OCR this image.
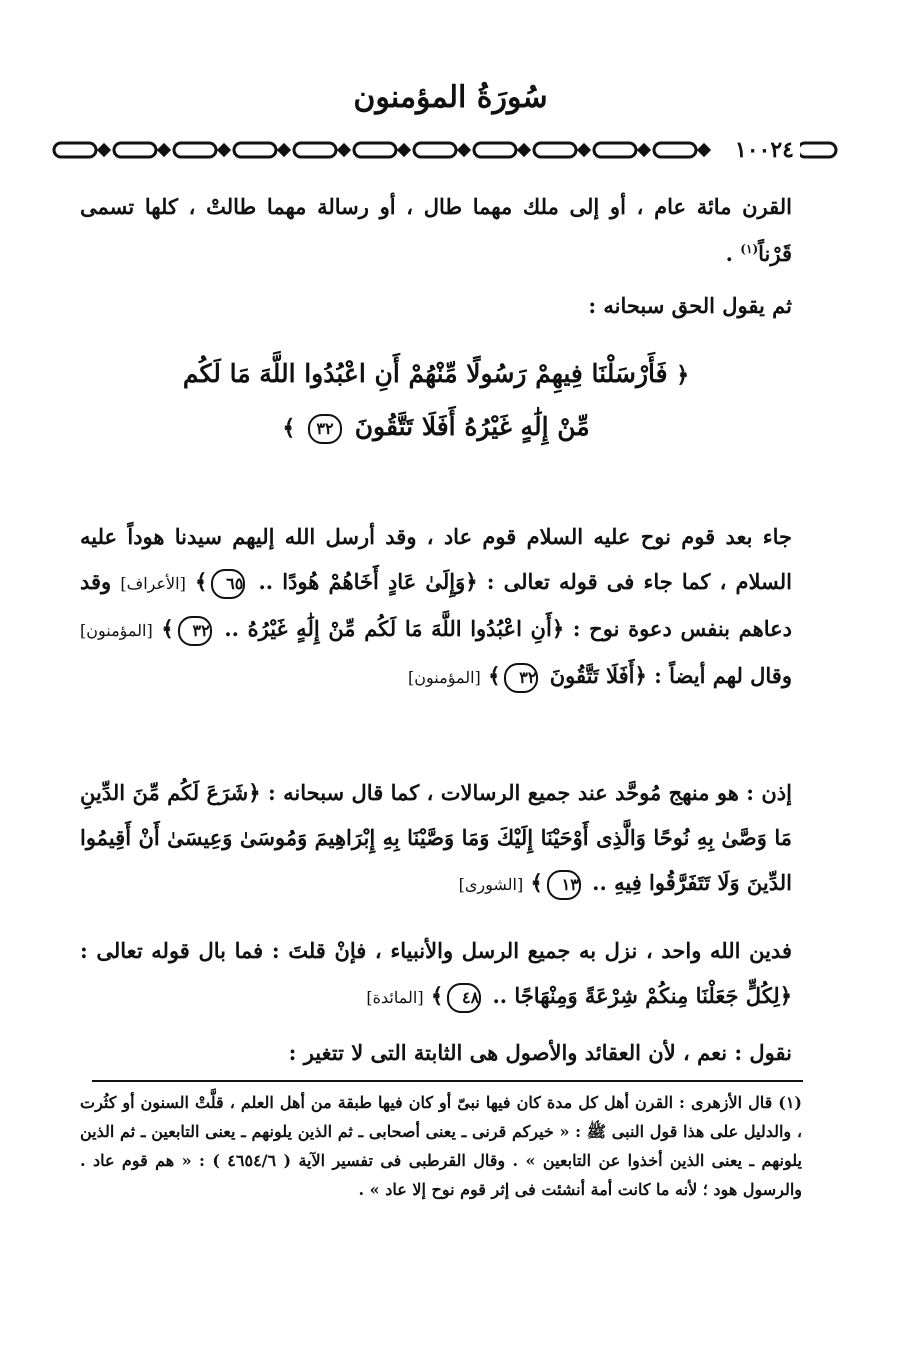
سُورَةُ المؤمنون
١٠٠٢٤
القرن مائة عام ، أو إلى ملك مهما طال ، أو رسالة مهما طالتْ ، كلها تسمى قَرْناً$^{(١)}$ .
ثم يقول الحق سبحانه :
﴿ فَأَرْسَلْنَا فِيهِمْ رَسُولًا مِّنْهُمْ أَنِ اعْبُدُوا اللَّهَ مَا لَكُم
مِّنْ إِلَٰهٍ غَيْرُهُ أَفَلَا تَتَّقُونَ ٣٢ ﴾
جاء بعد قوم نوح عليه السلام قوم عاد ، وقد أرسل الله إليهم سيدنا هوداً عليه السلام ، كما جاء فى قوله تعالى : ﴿وَإِلَىٰ عَادٍ أَخَاهُمْ هُودًا .. ٦٥﴾ [الأعراف] وقد دعاهم بنفس دعوة نوح : ﴿أَنِ اعْبُدُوا اللَّهَ مَا لَكُم مِّنْ إِلَٰهٍ غَيْرُهُ .. ٣٢﴾ [المؤمنون] وقال لهم أيضاً : ﴿أَفَلَا تَتَّقُونَ ٣٢﴾ [المؤمنون]
إذن : هو منهج مُوحَّد عند جميع الرسالات ، كما قال سبحانه : ﴿شَرَعَ لَكُم مِّنَ الدِّينِ مَا وَصَّىٰ بِهِ نُوحًا وَالَّذِى أَوْحَيْنَا إِلَيْكَ وَمَا وَصَّيْنَا بِهِ إِبْرَاهِيمَ وَمُوسَىٰ وَعِيسَىٰ أَنْ أَقِيمُوا الدِّينَ وَلَا تَتَفَرَّقُوا فِيهِ .. ١٣﴾ [الشورى]
فدين الله واحد ، نزل به جميع الرسل والأنبياء ، فإنْ قلتَ : فما بال قوله تعالى : ﴿لِكُلٍّ جَعَلْنَا مِنكُمْ شِرْعَةً وَمِنْهَاجًا .. ٤٨﴾ [المائدة]
نقول : نعم ، لأن العقائد والأصول هى الثابتة التى لا تتغير :
(١) قال الأزهرى : القرن أهل كل مدة كان فيها نبىّ أو كان فيها طبقة من أهل العلم ، قلَّتْ السنون أو كثُرت ، والدليل على هذا قول النبى ﷺ : « خيركم قرنى ـ يعنى أصحابى ـ ثم الذين يلونهم ـ يعنى التابعين ـ ثم الذين يلونهم ـ يعنى الذين أخذوا عن التابعين » . وقال القرطبى فى تفسير الآية ( ٤٦٥٤/٦ ) : « هم قوم عاد . والرسول هود ؛ لأنه ما كانت أمة أنشئت فى إثر قوم نوح إلا عاد » .
